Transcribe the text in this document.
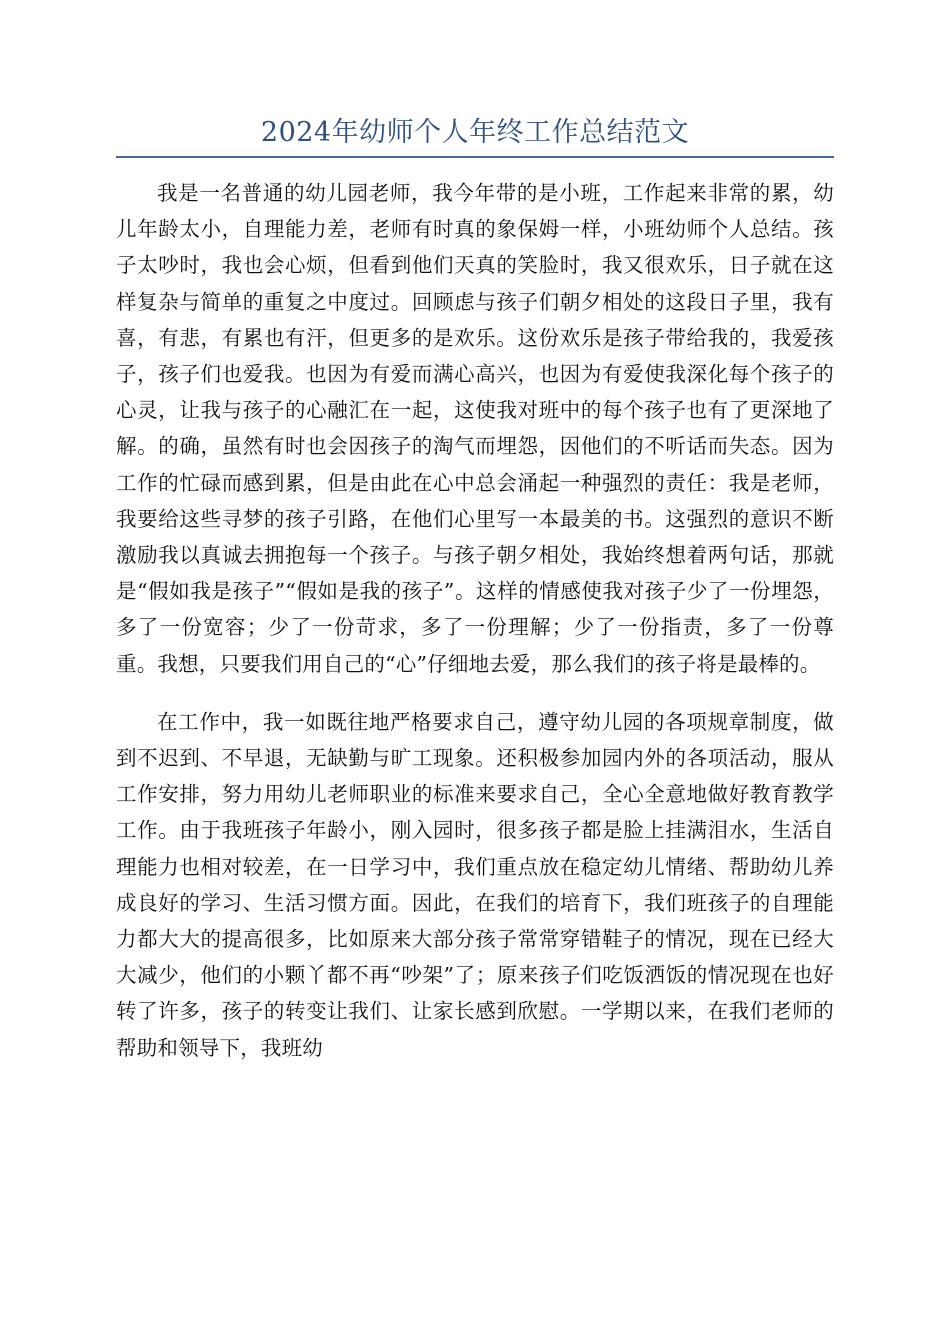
2024年幼师个人年终工作总结范文

我是一名普通的幼儿园老师，我今年带的是小班，工作起来非常的累，幼儿年龄太小，自理能力差，老师有时真的象保姆一样，小班幼师个人总结。孩子太吵时，我也会心烦，但看到他们天真的笑脸时，我又很欢乐，日子就在这样复杂与简单的重复之中度过。回顾虑与孩子们朝夕相处的这段日子里，我有喜，有悲，有累也有汗，但更多的是欢乐。这份欢乐是孩子带给我的，我爱孩子，孩子们也爱我。也因为有爱而满心高兴，也因为有爱使我深化每个孩子的心灵，让我与孩子的心融汇在一起，这使我对班中的每个孩子也有了更深地了解。的确，虽然有时也会因孩子的淘气而埋怨，因他们的不听话而失态。因为工作的忙碌而感到累，但是由此在心中总会涌起一种强烈的责任：我是老师，我要给这些寻梦的孩子引路，在他们心里写一本最美的书。这强烈的意识不断激励我以真诚去拥抱每一个孩子。与孩子朝夕相处，我始终想着两句话，那就是“假如我是孩子”“假如是我的孩子”。这样的情感使我对孩子少了一份埋怨，多了一份宽容；少了一份苛求，多了一份理解；少了一份指责，多了一份尊重。我想，只要我们用自己的“心”仔细地去爱，那么我们的孩子将是最棒的。

在工作中，我一如既往地严格要求自己，遵守幼儿园的各项规章制度，做到不迟到、不早退，无缺勤与旷工现象。还积极参加园内外的各项活动，服从工作安排，努力用幼儿老师职业的标准来要求自己，全心全意地做好教育教学工作。由于我班孩子年龄小，刚入园时，很多孩子都是脸上挂满泪水，生活自理能力也相对较差，在一日学习中，我们重点放在稳定幼儿情绪、帮助幼儿养成良好的学习、生活习惯方面。因此，在我们的培育下，我们班孩子的自理能力都大大的提高很多，比如原来大部分孩子常常穿错鞋子的情况，现在已经大大减少，他们的小颗丫都不再“吵架”了；原来孩子们吃饭洒饭的情况现在也好转了许多，孩子的转变让我们、让家长感到欣慰。一学期以来，在我们老师的帮助和领导下，我班幼
